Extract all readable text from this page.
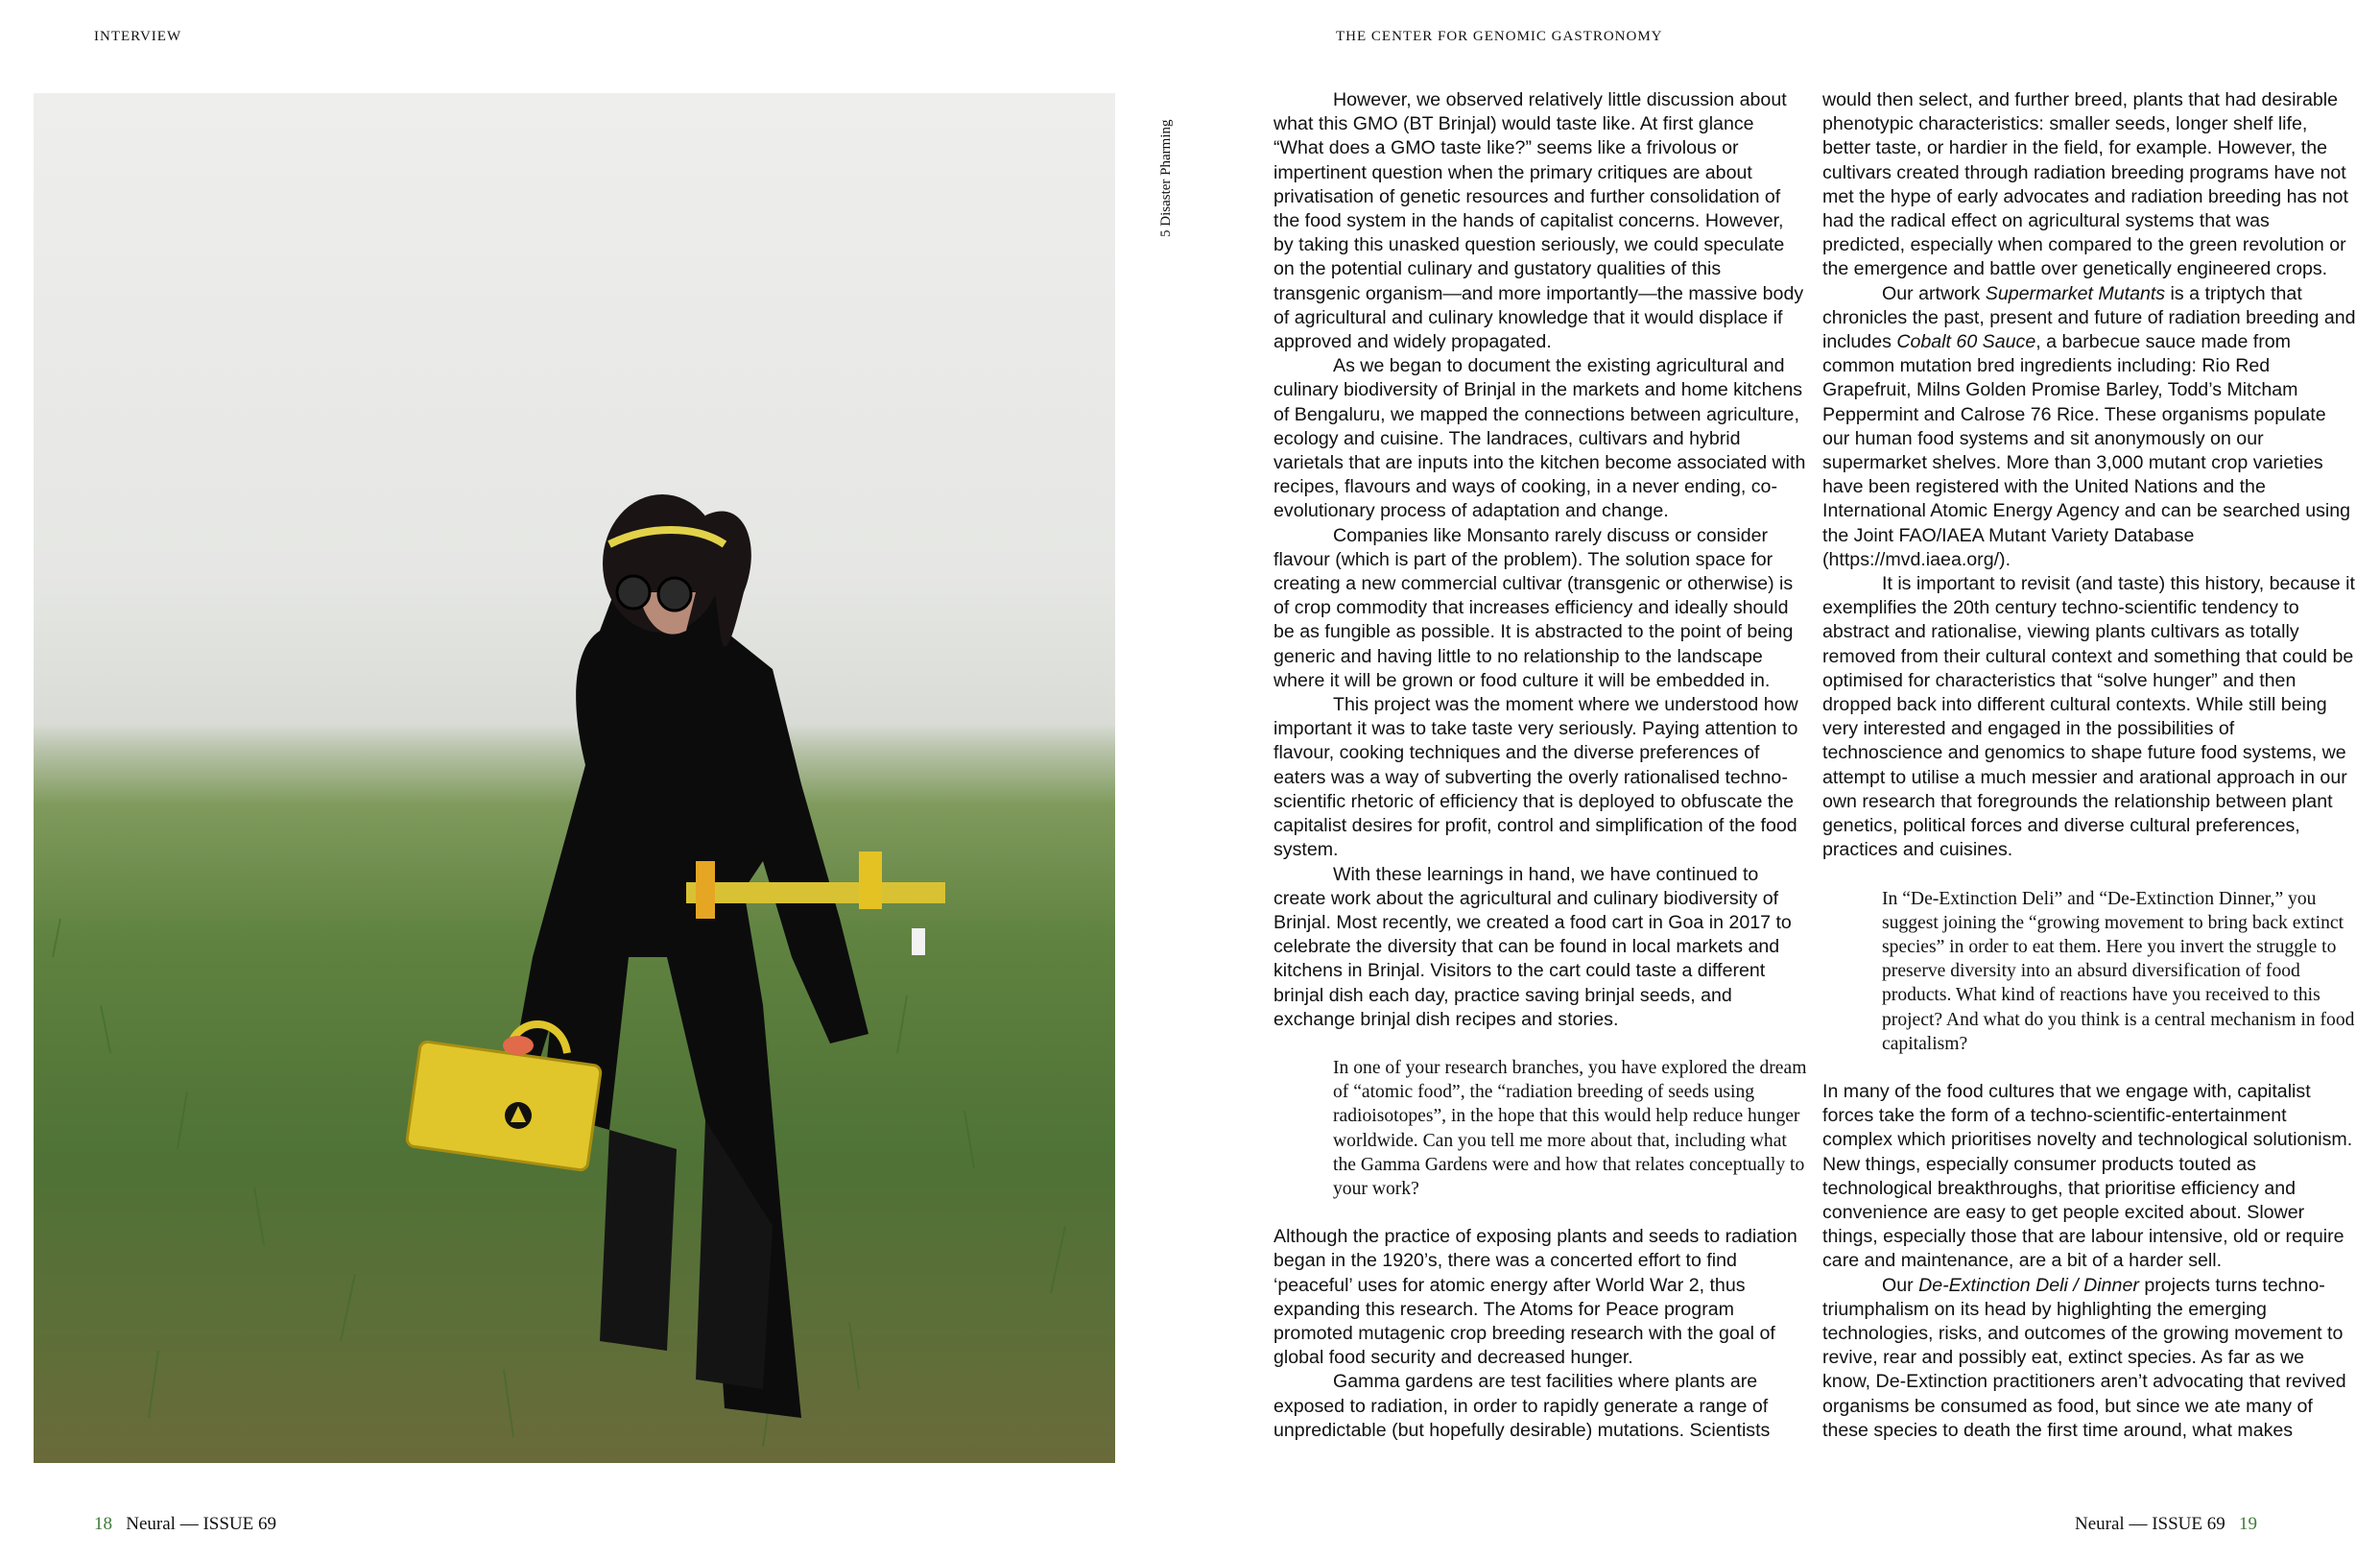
INTERVIEW	THE CENTER FOR GENOMIC GASTRONOMY
5 Disaster Pharming

However, we observed relatively little discussion about what this GMO (BT Brinjal) would taste like. At first glance “What does a GMO taste like?” seems like a frivolous or impertinent question when the primary critiques are about privatisation of genetic resources and further consolidation of the food system in the hands of capitalist concerns. However, by taking this unasked question seriously, we could speculate on the potential culinary and gustatory qualities of this transgenic organism—and more importantly—the massive body of agricultural and culinary knowledge that it would displace if approved and widely propagated.

As we began to document the existing agricultural and culinary biodiversity of Brinjal in the markets and home kitchens of Bengaluru, we mapped the connections between agriculture, ecology and cuisine. The landraces, cultivars and hybrid varietals that are inputs into the kitchen become associated with recipes, flavours and ways of cooking, in a never ending, co-evolutionary process of adaptation and change.

Companies like Monsanto rarely discuss or consider flavour (which is part of the problem). The solution space for creating a new commercial cultivar (transgenic or otherwise) is of crop commodity that increases efficiency and ideally should be as fungible as possible. It is abstracted to the point of being generic and having little to no relationship to the landscape where it will be grown or food culture it will be embedded in.

This project was the moment where we understood how important it was to take taste very seriously. Paying attention to flavour, cooking techniques and the diverse preferences of eaters was a way of subverting the overly rationalised techno-scientific rhetoric of efficiency that is deployed to obfuscate the capitalist desires for profit, control and simplification of the food system.

With these learnings in hand, we have continued to create work about the agricultural and culinary biodiversity of Brinjal. Most recently, we created a food cart in Goa in 2017 to celebrate the diversity that can be found in local markets and kitchens in Brinjal. Visitors to the cart could taste a different brinjal dish each day, practice saving brinjal seeds, and exchange brinjal dish recipes and stories.

In one of your research branches, you have explored the dream of “atomic food”, the “radiation breeding of seeds using radioisotopes”, in the hope that this would help reduce hunger worldwide. Can you tell me more about that, including what the Gamma Gardens were and how that relates conceptually to your work?

Although the practice of exposing plants and seeds to radiation began in the 1920’s, there was a concerted effort to find ‘peaceful’ uses for atomic energy after World War 2, thus expanding this research. The Atoms for Peace program promoted mutagenic crop breeding research with the goal of global food security and decreased hunger.

Gamma gardens are test facilities where plants are exposed to radiation, in order to rapidly generate a range of unpredictable (but hopefully desirable) mutations. Scientists

would then select, and further breed, plants that had desirable phenotypic characteristics: smaller seeds, longer shelf life, better taste, or hardier in the field, for example. However, the cultivars created through radiation breeding programs have not met the hype of early advocates and radiation breeding has not had the radical effect on agricultural systems that was predicted, especially when compared to the green revolution or the emergence and battle over genetically engineered crops.

Our artwork Supermarket Mutants is a triptych that chronicles the past, present and future of radiation breeding and includes Cobalt 60 Sauce, a barbecue sauce made from common mutation bred ingredients including: Rio Red Grapefruit, Milns Golden Promise Barley, Todd’s Mitcham Peppermint and Calrose 76 Rice. These organisms populate our human food systems and sit anonymously on our supermarket shelves. More than 3,000 mutant crop varieties have been registered with the United Nations and the International Atomic Energy Agency and can be searched using the Joint FAO/IAEA Mutant Variety Database (https://mvd.iaea.org/).

It is important to revisit (and taste) this history, because it exemplifies the 20th century techno-scientific tendency to abstract and rationalise, viewing plants cultivars as totally removed from their cultural context and something that could be optimised for characteristics that “solve hunger” and then dropped back into different cultural contexts. While still being very interested and engaged in the possibilities of technoscience and genomics to shape future food systems, we attempt to utilise a much messier and arational approach in our own research that foregrounds the relationship between plant genetics, political forces and diverse cultural preferences, practices and cuisines.

In “De-Extinction Deli” and “De-Extinction Dinner,” you suggest joining the “growing movement to bring back extinct species” in order to eat them. Here you invert the struggle to preserve diversity into an absurd diversification of food products. What kind of reactions have you received to this project? And what do you think is a central mechanism in food capitalism?

In many of the food cultures that we engage with, capitalist forces take the form of a techno-scientific-entertainment complex which prioritises novelty and technological solutionism. New things, especially consumer products touted as technological breakthroughs, that prioritise efficiency and convenience are easy to get people excited about. Slower things, especially those that are labour intensive, old or require care and maintenance, are a bit of a harder sell.

Our De-Extinction Deli / Dinner projects turns techno-triumphalism on its head by highlighting the emerging technologies, risks, and outcomes of the growing movement to revive, rear and possibly eat, extinct species. As far as we know, De-Extinction practitioners aren’t advocating that revived organisms be consumed as food, but since we ate many of these species to death the first time around, what makes

18 Neural — ISSUE 69	Neural — ISSUE 69 19
